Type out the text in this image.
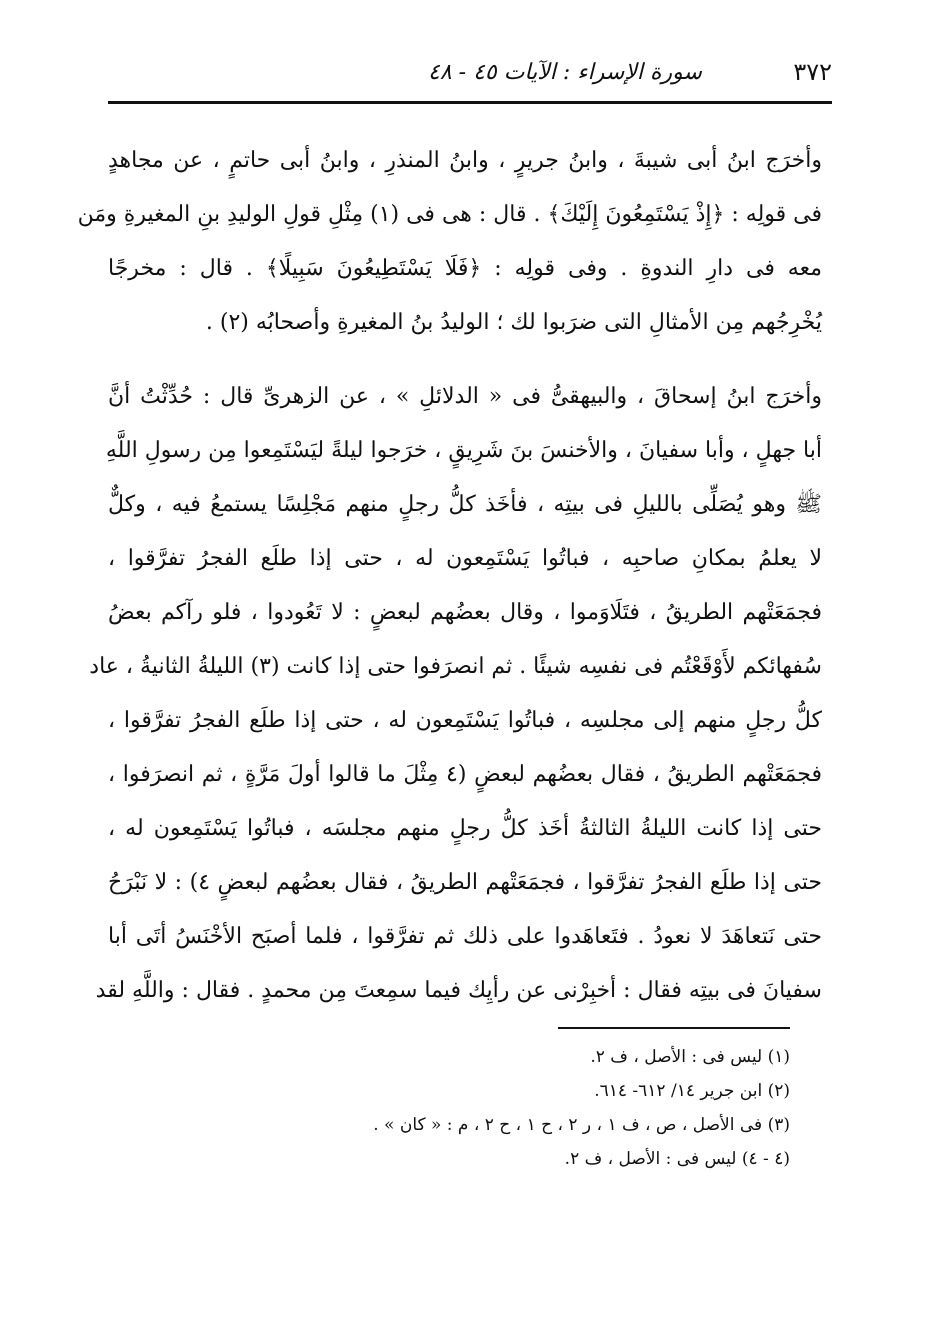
٣٧٢
سورة الإسراء : الآيات ٤٥ - ٤٨

وأخرَج ابنُ أبى شيبةَ ، وابنُ جريرٍ ، وابنُ المنذرِ ، وابنُ أبى حاتمٍ ، عن مجاهدٍ
فى قولِه : ﴿إِذْ يَسْتَمِعُونَ إِلَيْكَ﴾ . قال : هى فى (١) مِثْلِ قولِ الوليدِ بنِ المغيرةِ ومَن
معه فى دارِ الندوةِ . وفى قولِه : ﴿فَلَا يَسْتَطِيعُونَ سَبِيلًا﴾ . قال : مخرجًا
يُخْرِجُهم مِن الأمثالِ التى ضرَبوا لك ؛ الوليدُ بنُ المغيرةِ وأصحابُه (٢) .

وأخرَج ابنُ إسحاقَ ، والبيهقىُّ فى « الدلائلِ » ، عن الزهرىِّ قال : حُدِّثْتُ أنَّ
أبا جهلٍ ، وأبا سفيانَ ، والأخنسَ بنَ شَرِيقٍ ، خرَجوا ليلةً ليَسْتَمِعوا مِن رسولِ اللَّهِ
ﷺ وهو يُصَلِّى بالليلِ فى بيتِه ، فأخَذ كلُّ رجلٍ منهم مَجْلِسًا يستمعُ فيه ، وكلٌّ
لا يعلمُ بمكانِ صاحبِه ، فباتُوا يَسْتَمِعون له ، حتى إذا طلَع الفجرُ تفرَّقوا ،
فجمَعَتْهم الطريقُ ، فتَلَاوَموا ، وقال بعضُهم لبعضٍ : لا تَعُودوا ، فلو رآكم بعضُ
سُفهائكم لأَوْقَعْتُم فى نفسِه شيئًا . ثم انصرَفوا حتى إذا كانت (٣) الليلةُ الثانيةُ ، عاد
كلُّ رجلٍ منهم إلى مجلسِه ، فباتُوا يَسْتَمِعون له ، حتى إذا طلَع الفجرُ تفرَّقوا ،
فجمَعَتْهم الطريقُ ، فقال بعضُهم لبعضٍ (٤ مِثْلَ ما قالوا أولَ مَرَّةٍ ، ثم انصرَفوا ،
حتى إذا كانت الليلةُ الثالثةُ أخَذ كلُّ رجلٍ منهم مجلسَه ، فباتُوا يَسْتَمِعون له ،
حتى إذا طلَع الفجرُ تفرَّقوا ، فجمَعَتْهم الطريقُ ، فقال بعضُهم لبعضٍ ٤) : لا نَبْرَحُ
حتى نَتعاهَدَ لا نعودُ . فتَعاهَدوا على ذلك ثم تفرَّقوا ، فلما أصبَح الأخْنَسُ أتَى أبا
سفيانَ فى بيتِه فقال : أخبِرْنى عن رأيِك فيما سمِعتَ مِن محمدٍ . فقال : واللَّهِ لقد

(١) ليس فى : الأصل ، ف ٢.
(٢) ابن جرير ١٤/ ٦١٢- ٦١٤.
(٣) فى الأصل ، ص ، ف ١ ، ر ٢ ، ح ١ ، ح ٢ ، م : « كان » .
(٤ - ٤) ليس فى : الأصل ، ف ٢.
